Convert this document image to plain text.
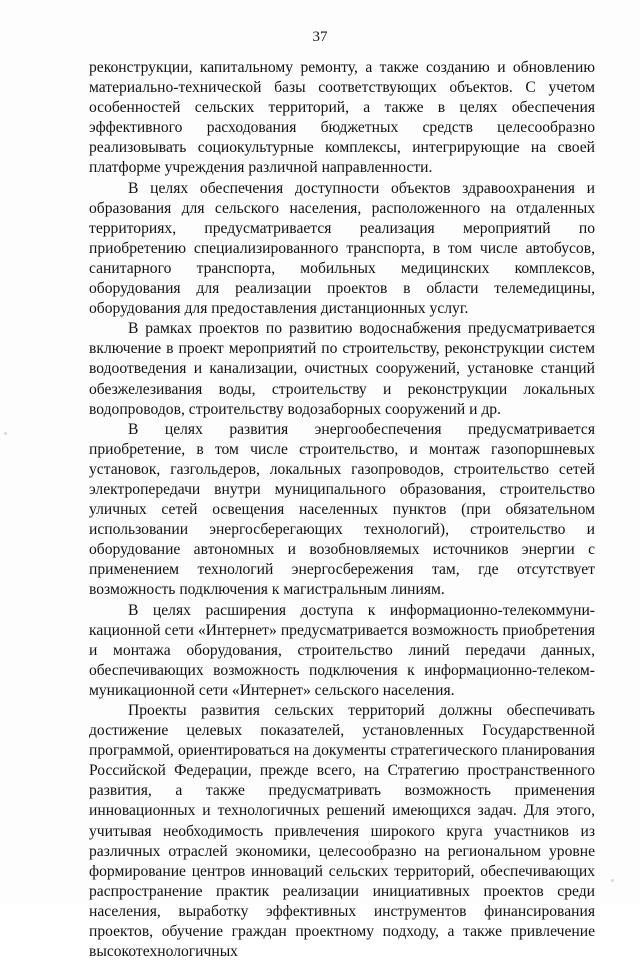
37

реконструкции, капитальному ремонту, а также созданию и обновлению материально-технической базы соответствующих объектов. С учетом особенностей сельских территорий, а также в целях обеспечения эффективного расходования бюджетных средств целесообразно реализовывать социокультурные комплексы, интегрирующие на своей платформе учреждения различной направленности.

В целях обеспечения доступности объектов здравоохранения и образования для сельского населения, расположенного на отдаленных территориях, предусматривается реализация мероприятий по приобретению специализированного транспорта, в том числе автобусов, санитарного транспорта, мобильных медицинских комплексов, оборудования для реализации проектов в области телемедицины, оборудования для предоставления дистанционных услуг.

В рамках проектов по развитию водоснабжения предусматривается включение в проект мероприятий по строительству, реконструкции систем водоотведения и канализации, очистных сооружений, установке станций обезжелезивания воды, строительству и реконструкции локальных водопроводов, строительству водозаборных сооружений и др.

В целях развития энергообеспечения предусматривается приобретение, в том числе строительство, и монтаж газопоршневых установок, газгольдеров, локальных газопроводов, строительство сетей электропередачи внутри муниципального образования, строительство уличных сетей освещения населенных пунктов (при обязательном использовании энергосберегающих технологий), строительство и оборудование автономных и возобновляемых источников энергии с применением технологий энергосбережения там, где отсутствует возможность подключения к магистральным линиям.

В целях расширения доступа к информационно-телекоммуни-кационной сети «Интернет» предусматривается возможность приобретения и монтажа оборудования, строительство линий передачи данных, обеспечивающих возможность подключения к информационно-телеком-муникационной сети «Интернет» сельского населения.

Проекты развития сельских территорий должны обеспечивать достижение целевых показателей, установленных Государственной программой, ориентироваться на документы стратегического планирования Российской Федерации, прежде всего, на Стратегию пространственного развития, а также предусматривать возможность применения инновационных и технологичных решений имеющихся задач. Для этого, учитывая необходимость привлечения широкого круга участников из различных отраслей экономики, целесообразно на региональном уровне формирование центров инноваций сельских территорий, обеспечивающих распространение практик реализации инициативных проектов среди населения, выработку эффективных инструментов финансирования проектов, обучение граждан проектному подходу, а также привлечение высокотехнологичных
